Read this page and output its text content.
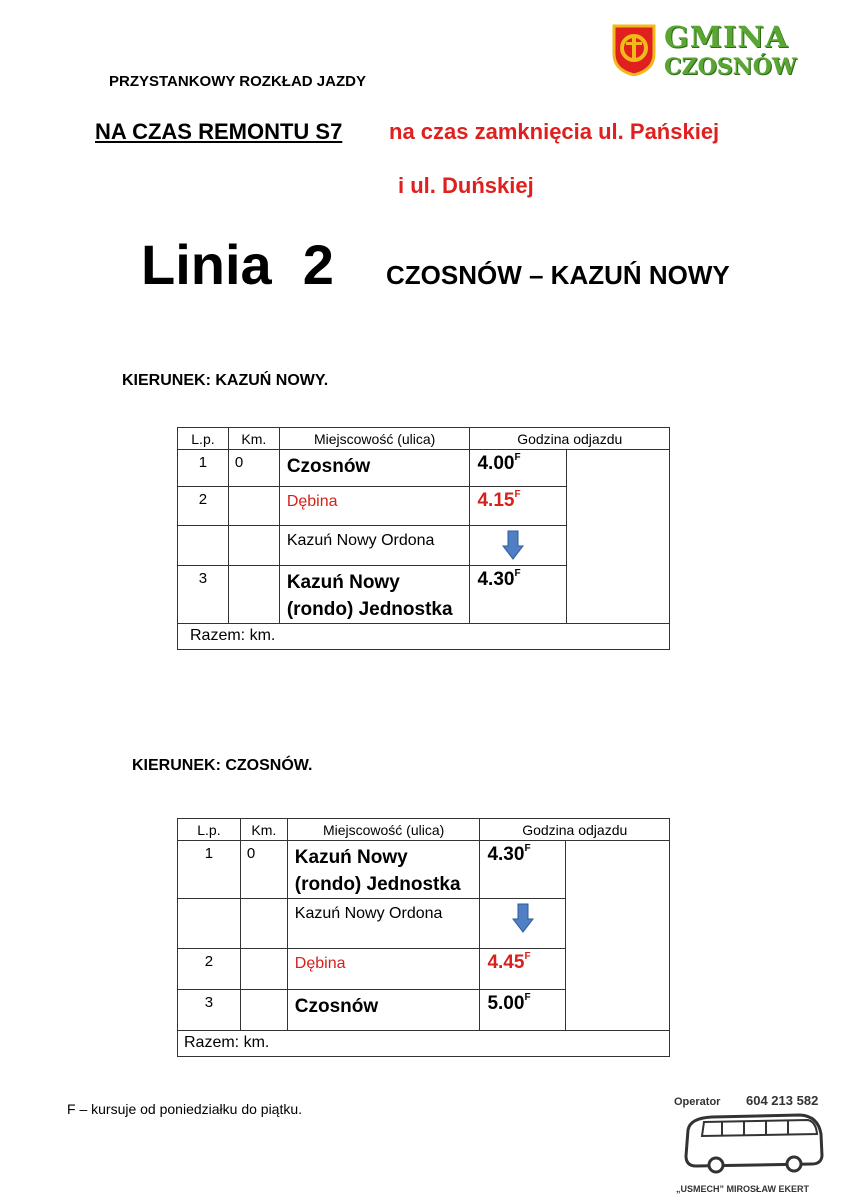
GMINA
CZOSNÓW
PRZYSTANKOWY ROZKŁAD JAZDY
NA CZAS REMONTU S7 na czas zamknięcia ul. Pańskiej
i ul. Duńskiej
Linia  2 CZOSNÓW – KAZUŃ NOWY
KIERUNEK: KAZUŃ NOWY.
L.p.	Km.	Miejscowość (ulica)	Godzina odjazdu	
1	0	Czosnów	$4.00^F$	
2		Dębina	$4.15^F$
		Kazuń Nowy Ordona	

3		Kazuń Nowy (rondo) Jednostka	$4.30^F$
Razem: km.				
KIERUNEK: CZOSNÓW.
L.p.	Km.	Miejscowość (ulica)	Godzina odjazdu	
1	0	Kazuń Nowy (rondo) Jednostka	$4.30^F$	
		Kazuń Nowy Ordona	

2		Dębina	$4.45^F$
3		Czosnów	$5.00^F$
Razem: km.				
F – kursuje od poniedziałku do piątku.	Operator 604 213 582
„USMECH” MIROSŁAW EKERT
